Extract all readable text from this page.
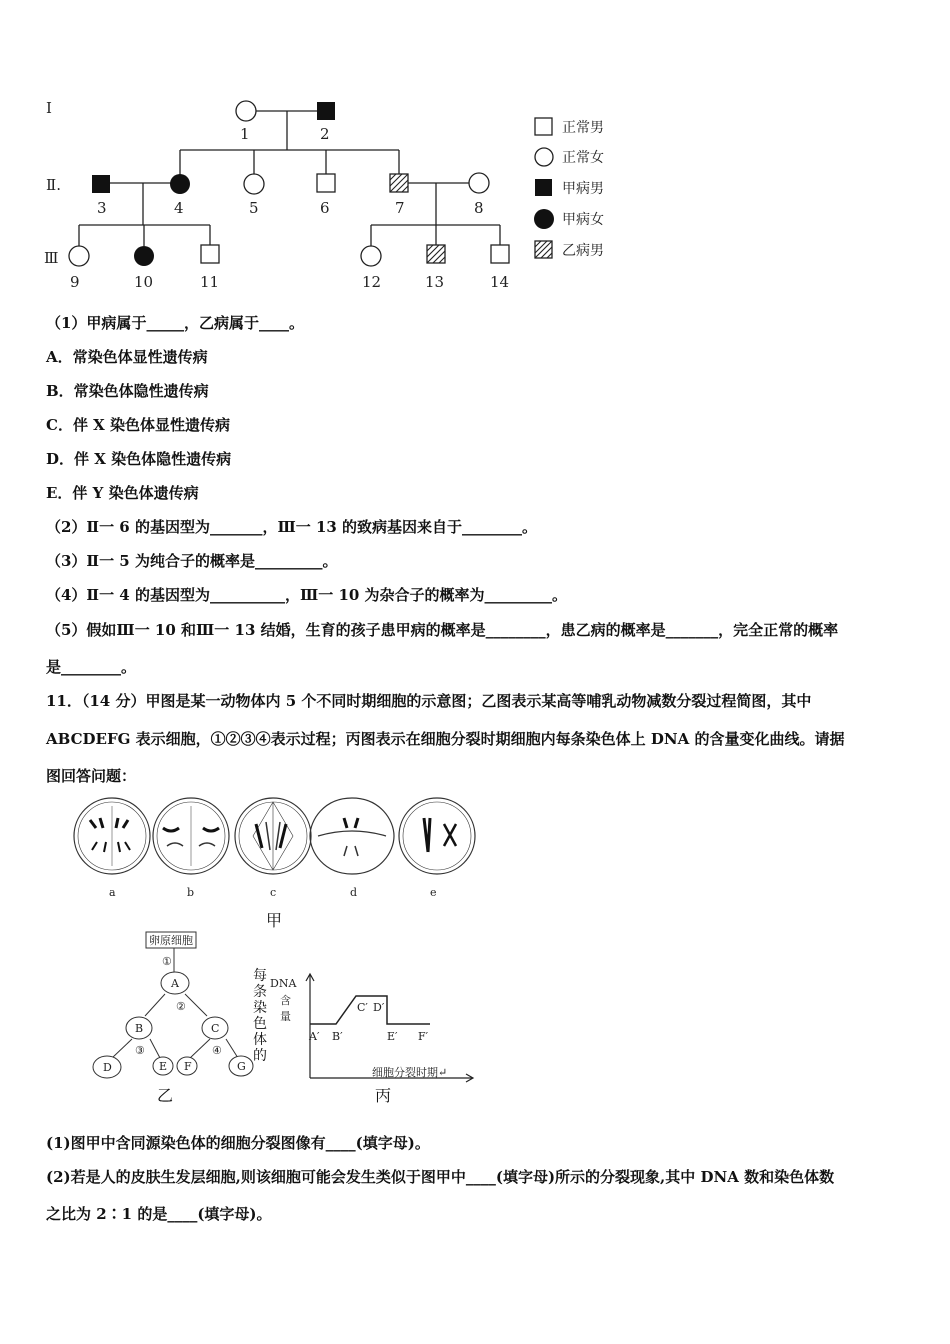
Ⅰ
Ⅱ.
Ⅲ
1	2
3	4	5	6	7	8
9	10	11	12	13	14
正常男
正常女
甲病男
甲病女
乙病男
（1）甲病属于_____，乙病属于____。
A．常染色体显性遗传病
B．常染色体隐性遗传病
C．伴 X 染色体显性遗传病
D．伴 X 染色体隐性遗传病
E．伴 Y 染色体遗传病
（2）Ⅱ一 6 的基因型为_______，Ⅲ一 13 的致病基因来自于________。
（3）Ⅱ一 5 为纯合子的概率是_________。
（4）Ⅱ一 4 的基因型为__________，Ⅲ一 10 为杂合子的概率为_________。
（5）假如Ⅲ一 10 和Ⅲ一 13 结婚，生育的孩子患甲病的概率是________，患乙病的概率是_______，完全正常的概率
是________。
11．（14 分）甲图是某一动物体内 5 个不同时期细胞的示意图；乙图表示某高等哺乳动物减数分裂过程简图，其中
ABCDEFG 表示细胞，①②③④表示过程；丙图表示在细胞分裂时期细胞内每条染色体上 DNA 的含量变化曲线。请据
图回答问题：
a	b	c	d	e
甲
卵原细胞
①
②
③	④
A
B	C
D	E F	G
乙
每条染色体的
DNA
含
量
A′ B′
C′ D′
E′ F′
细胞分裂时期↵
丙
(1)图甲中含同源染色体的细胞分裂图像有____(填字母)。
(2)若是人的皮肤生发层细胞,则该细胞可能会发生类似于图甲中____(填字母)所示的分裂现象,其中 DNA 数和染色体数
之比为 2∶1 的是____(填字母)。
